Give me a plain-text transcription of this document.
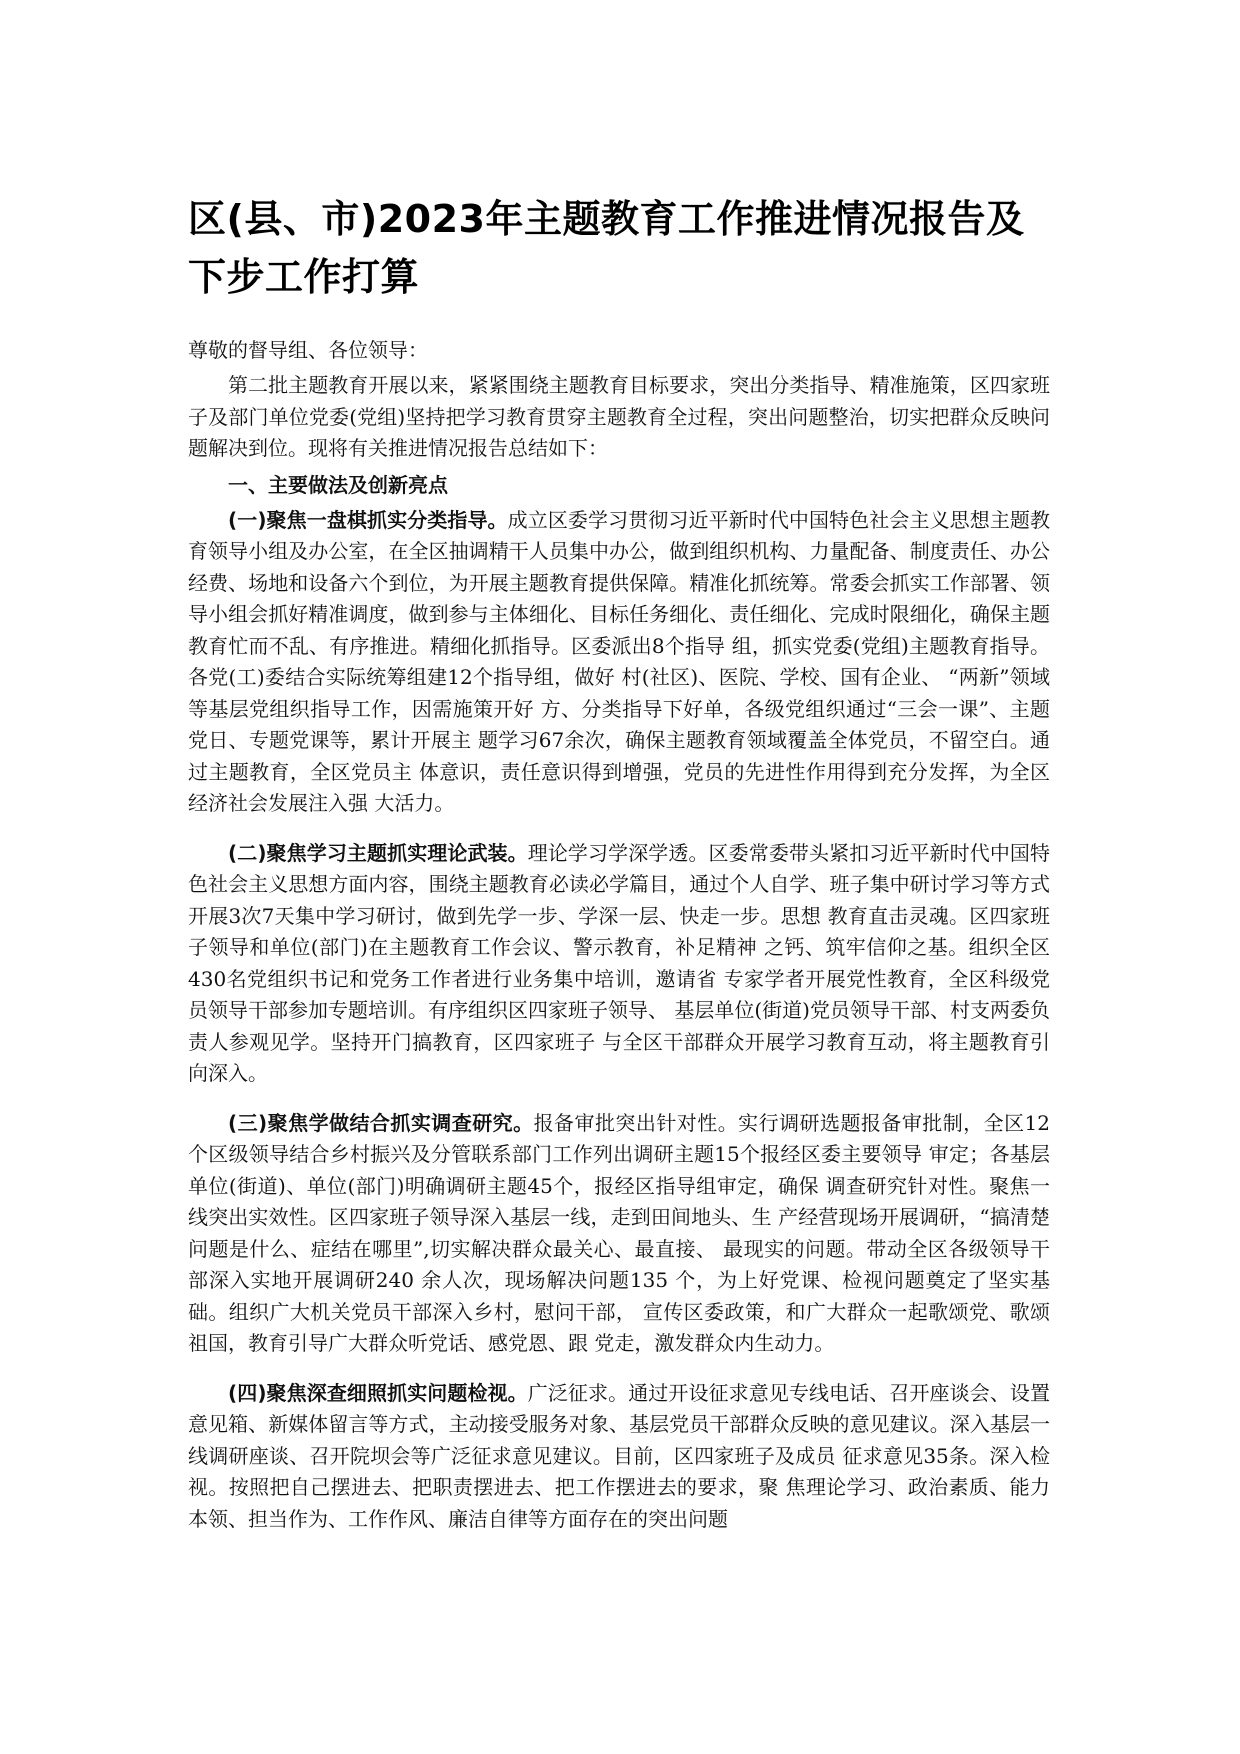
区(县、市)2023年主题教育工作推进情况报告及下步工作打算

尊敬的督导组、各位领导：

第二批主题教育开展以来，紧紧围绕主题教育目标要求，突出分类指导、精准施策，区四家班子及部门单位党委(党组)坚持把学习教育贯穿主题教育全过程，突出问题整治，切实把群众反映问题解决到位。现将有关推进情况报告总结如下：

一、主要做法及创新亮点

(一)聚焦一盘棋抓实分类指导。成立区委学习贯彻习近平新时代中国特色社会主义思想主题教育领导小组及办公室，在全区抽调精干人员集中办公，做到组织机构、力量配备、制度责任、办公经费、场地和设备六个到位，为开展主题教育提供保障。精准化抓统筹。常委会抓实工作部署、领导小组会抓好精准调度，做到参与主体细化、目标任务细化、责任细化、完成时限细化，确保主题教育忙而不乱、有序推进。精细化抓指导。区委派出8个指导 组，抓实党委(党组)主题教育指导。各党(工)委结合实际统筹组建12个指导组，做好 村(社区)、医院、学校、国有企业、 “两新”领域等基层党组织指导工作，因需施策开好 方、分类指导下好单，各级党组织通过“三会一课”、主题党日、专题党课等，累计开展主 题学习67余次，确保主题教育领域覆盖全体党员，不留空白。通过主题教育，全区党员主 体意识，责任意识得到增强，党员的先进性作用得到充分发挥，为全区经济社会发展注入强 大活力。

(二)聚焦学习主题抓实理论武装。理论学习学深学透。区委常委带头紧扣习近平新时代中国特色社会主义思想方面内容，围绕主题教育必读必学篇目，通过个人自学、班子集中研讨学习等方式开展3次7天集中学习研讨，做到先学一步、学深一层、快走一步。思想 教育直击灵魂。区四家班子领导和单位(部门)在主题教育工作会议、警示教育，补足精神 之钙、筑牢信仰之基。组织全区430名党组织书记和党务工作者进行业务集中培训，邀请省 专家学者开展党性教育，全区科级党员领导干部参加专题培训。有序组织区四家班子领导、 基层单位(街道)党员领导干部、村支两委负责人参观见学。坚持开门搞教育，区四家班子 与全区干部群众开展学习教育互动，将主题教育引向深入。

(三)聚焦学做结合抓实调查研究。报备审批突出针对性。实行调研选题报备审批制，全区12个区级领导结合乡村振兴及分管联系部门工作列出调研主题15个报经区委主要领导 审定；各基层单位(街道)、单位(部门)明确调研主题45个，报经区指导组审定，确保 调查研究针对性。聚焦一线突出实效性。区四家班子领导深入基层一线，走到田间地头、生 产经营现场开展调研，“搞清楚问题是什么、症结在哪里”,切实解决群众最关心、最直接、 最现实的问题。带动全区各级领导干部深入实地开展调研240 余人次，现场解决问题135 个，为上好党课、检视问题奠定了坚实基础。组织广大机关党员干部深入乡村，慰问干部， 宣传区委政策，和广大群众一起歌颂党、歌颂祖国，教育引导广大群众听党话、感党恩、跟 党走，激发群众内生动力。

(四)聚焦深查细照抓实问题检视。广泛征求。通过开设征求意见专线电话、召开座谈会、设置意见箱、新媒体留言等方式，主动接受服务对象、基层党员干部群众反映的意见建议。深入基层一线调研座谈、召开院坝会等广泛征求意见建议。目前，区四家班子及成员 征求意见35条。深入检视。按照把自己摆进去、把职责摆进去、把工作摆进去的要求，聚 焦理论学习、政治素质、能力本领、担当作为、工作作风、廉洁自律等方面存在的突出问题
